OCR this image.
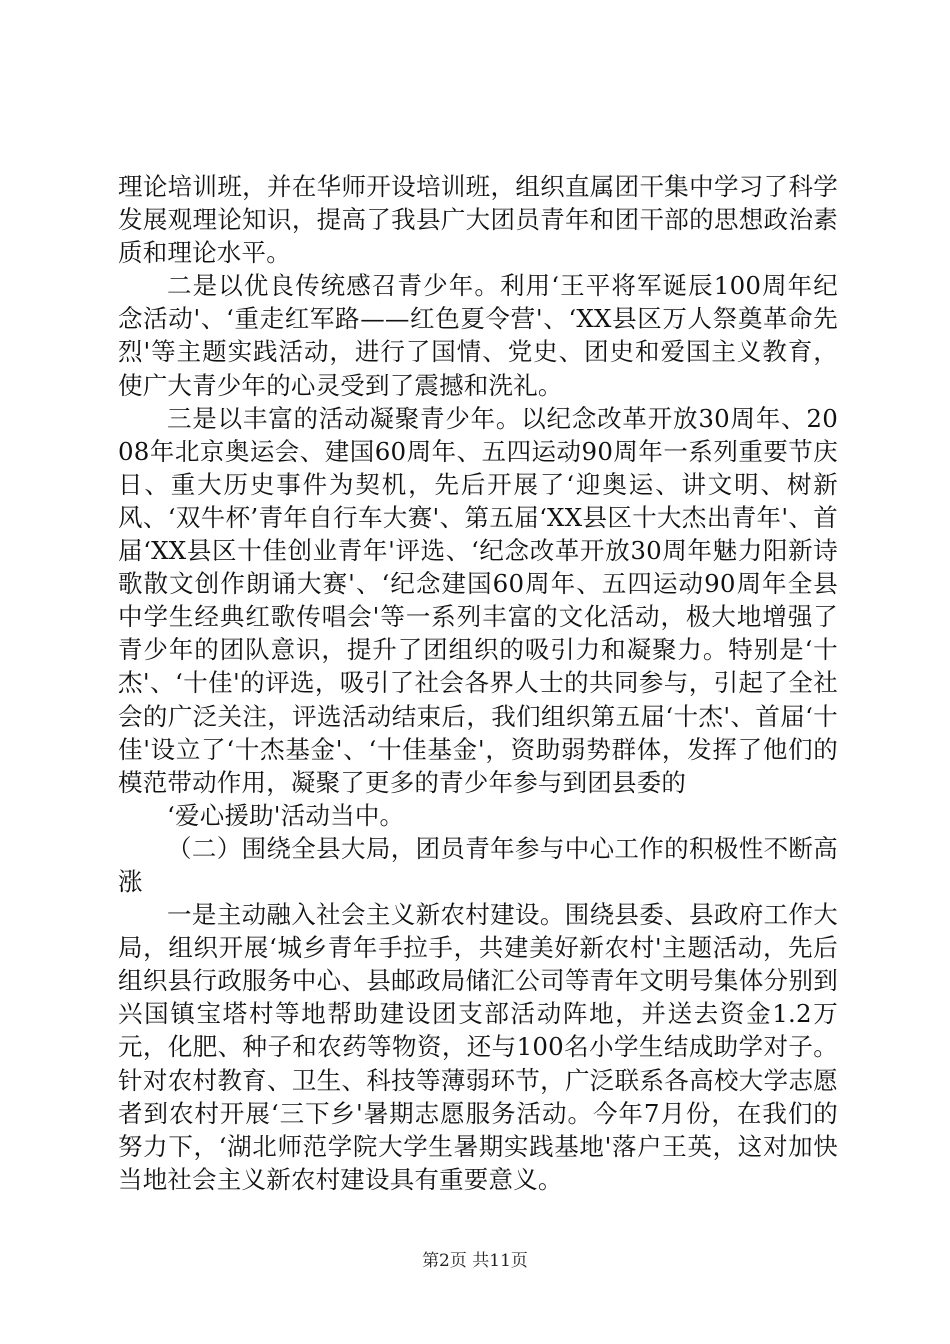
理论培训班，并在华师开设培训班，组织直属团干集中学习了科学发展观理论知识，提高了我县广大团员青年和团干部的思想政治素质和理论水平。

二是以优良传统感召青少年。利用‘王平将军诞辰100周年纪念活动'、‘重走红军路——红色夏令营'、‘XX县区万人祭奠革命先烈'等主题实践活动，进行了国情、党史、团史和爱国主义教育，使广大青少年的心灵受到了震撼和洗礼。

三是以丰富的活动凝聚青少年。以纪念改革开放30周年、2008年北京奥运会、建国60周年、五四运动90周年一系列重要节庆日、重大历史事件为契机，先后开展了‘迎奥运、讲文明、树新风、‘双牛杯’青年自行车大赛'、第五届‘XX县区十大杰出青年'、首届‘XX县区十佳创业青年'评选、‘纪念改革开放30周年魅力阳新诗歌散文创作朗诵大赛'、‘纪念建国60周年、五四运动90周年全县中学生经典红歌传唱会'等一系列丰富的文化活动，极大地增强了青少年的团队意识，提升了团组织的吸引力和凝聚力。特别是‘十杰'、‘十佳'的评选，吸引了社会各界人士的共同参与，引起了全社会的广泛关注，评选活动结束后，我们组织第五届‘十杰'、首届‘十佳'设立了‘十杰基金'、‘十佳基金'，资助弱势群体，发挥了他们的模范带动作用，凝聚了更多的青少年参与到团县委的

‘爱心援助'活动当中。

（二）围绕全县大局，团员青年参与中心工作的积极性不断高涨

一是主动融入社会主义新农村建设。围绕县委、县政府工作大局，组织开展‘城乡青年手拉手，共建美好新农村'主题活动，先后组织县行政服务中心、县邮政局储汇公司等青年文明号集体分别到兴国镇宝塔村等地帮助建设团支部活动阵地，并送去资金1.2万元，化肥、种子和农药等物资，还与100名小学生结成助学对子。针对农村教育、卫生、科技等薄弱环节，广泛联系各高校大学志愿者到农村开展‘三下乡'暑期志愿服务活动。今年7月份，在我们的努力下，‘湖北师范学院大学生暑期实践基地'落户王英，这对加快当地社会主义新农村建设具有重要意义。

第2页 共11页
